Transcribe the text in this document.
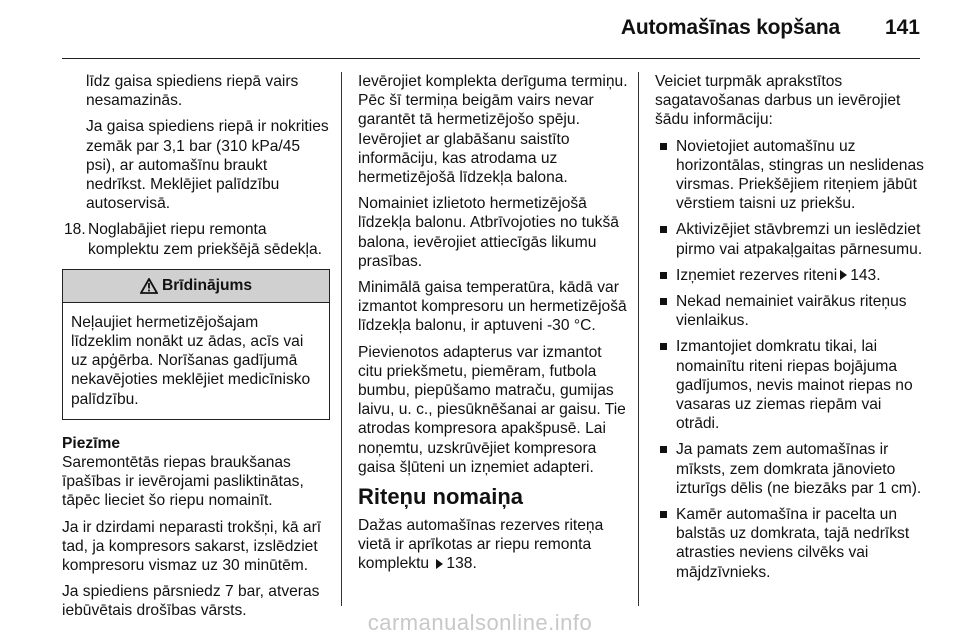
Automašīnas kopšana 141

līdz gaisa spiediens riepā vairs nesamazinās.

Ja gaisa spiediens riepā ir nokrities zemāk par 3,1 bar (310 kPa/45 psi), ar automašīnu braukt nedrīkst. Meklējiet palīdzību autoservisā.

18. Noglabājiet riepu remonta komplektu zem priekšējā sēdekļa.
Brīdinājums
Neļaujiet hermetizējošajam līdzeklim nonākt uz ādas, acīs vai uz apģērba. Norīšanas gadījumā nekavējoties meklējiet medicīnisko palīdzību.
Piezīme

Saremontētās riepas braukšanas īpašības ir ievērojami pasliktinātas, tāpēc lieciet šo riepu nomainīt.

Ja ir dzirdami neparasti trokšņi, kā arī tad, ja kompresors sakarst, izslēdziet kompresoru vismaz uz 30 minūtēm.

Ja spiediens pārsniedz 7 bar, atveras iebūvētais drošības vārsts.

Ievērojiet komplekta derīguma termiņu. Pēc šī termiņa beigām vairs nevar garantēt tā hermetizējošo spēju. Ievērojiet ar glabāšanu saistīto informāciju, kas atrodama uz hermetizējošā līdzekļa balona.

Nomainiet izlietoto hermetizējošā līdzekļa balonu. Atbrīvojoties no tukšā balona, ievērojiet attiecīgās likumu prasības.

Minimālā gaisa temperatūra, kādā var izmantot kompresoru un hermetizējošā līdzekļa balonu, ir aptuveni -30 °C.

Pievienotos adapterus var izmantot citu priekšmetu, piemēram, futbola bumbu, piepūšamo matraču, gumijas laivu, u. c., piesūknēšanai ar gaisu. Tie atrodas kompresora apakšpusē. Lai noņemtu, uzskrūvējiet kompresora gaisa šļūteni un izņemiet adapteri.

Riteņu nomaiņa

Dažas automašīnas rezerves riteņa vietā ir aprīkotas ar riepu remonta komplektu 138.

Veiciet turpmāk aprakstītos sagatavošanas darbus un ievērojiet šādu informāciju:

Novietojiet automašīnu uz horizontālas, stingras un neslidenas virsmas. Priekšējiem riteņiem jābūt vērstiem taisni uz priekšu.
Aktivizējiet stāvbremzi un ieslēdziet pirmo vai atpakaļgaitas pārnesumu.
Izņemiet rezerves riteni 143.
Nekad nemainiet vairākus riteņus vienlaikus.
Izmantojiet domkratu tikai, lai nomainītu riteni riepas bojājuma gadījumos, nevis mainot riepas no vasaras uz ziemas riepām vai otrādi.
Ja pamats zem automašīnas ir mīksts, zem domkrata jānovieto izturīgs dēlis (ne biezāks par 1 cm).
Kamēr automašīna ir pacelta un balstās uz domkrata, tajā nedrīkst atrasties neviens cilvēks vai mājdzīvnieks.
carmanualsonline.info
